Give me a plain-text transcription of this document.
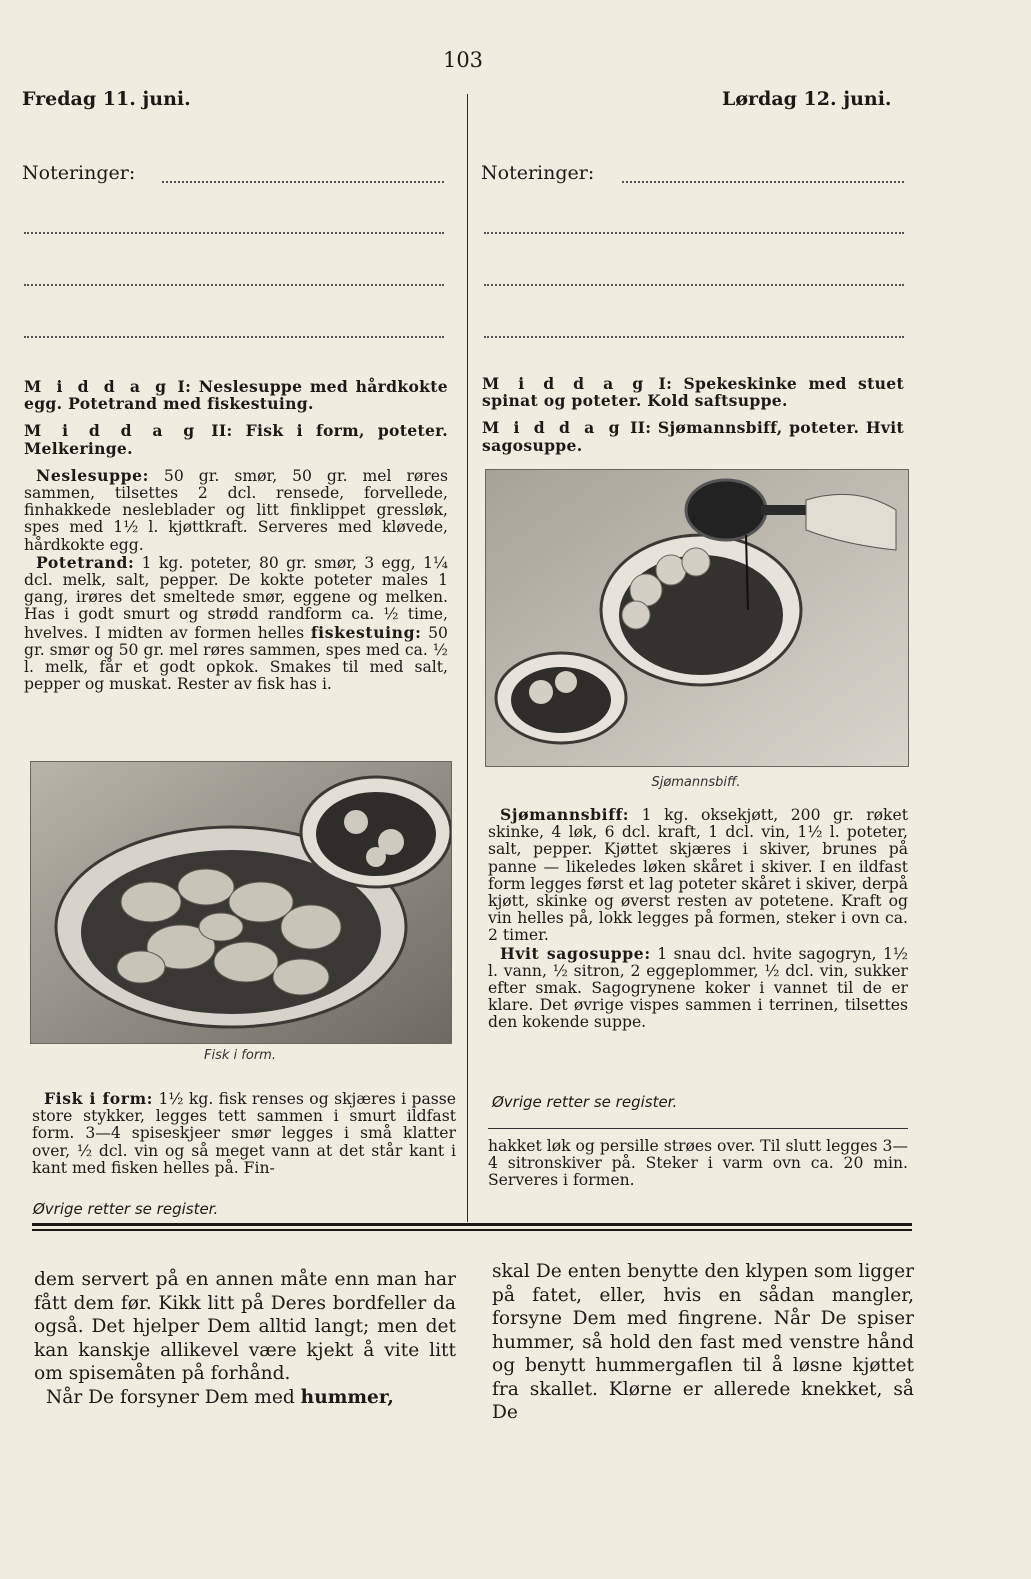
103
Fredag 11. juni.	Lørdag 12. juni.
Noteringer:	Noteringer:

M i d d a g I: Neslesuppe med hårdkokte egg. Potetrand med fiskestuing.

M i d d a g II: Fisk i form, poteter. Melkeringe.

Neslesuppe: 50 gr. smør, 50 gr. mel røres sammen, tilsettes 2 dcl. rensede, forvellede, finhakkede nesleblader og litt finklippet gressløk, spes med 1½ l. kjøttkraft. Serveres med kløvede, hårdkokte egg.

Potetrand: 1 kg. poteter, 80 gr. smør, 3 egg, 1¼ dcl. melk, salt, pepper. De kokte poteter males 1 gang, irøres det smeltede smør, eggene og melken. Has i godt smurt og strødd randform ca. ½ time, hvelves. I midten av formen helles fiskestuing: 50 gr. smør og 50 gr. mel røres sammen, spes med ca. ½ l. melk, får et godt opkok. Smakes til med salt, pepper og muskat. Rester av fisk has i.

Fisk i form.

Fisk i form: 1½ kg. fisk renses og skjæres i passe store stykker, legges tett sammen i smurt ildfast form. 3—4 spiseskjeer smør legges i små klatter over, ½ dcl. vin og så meget vann at det står kant i kant med fisken helles på. Fin-

Øvrige retter se register.

M i d d a g I: Spekeskinke med stuet spinat og poteter. Kold saftsuppe.

M i d d a g II: Sjømannsbiff, poteter. Hvit sagosuppe.

Sjømannsbiff.

Sjømannsbiff: 1 kg. oksekjøtt, 200 gr. røket skinke, 4 løk, 6 dcl. kraft, 1 dcl. vin, 1½ l. poteter, salt, pepper. Kjøttet skjæres i skiver, brunes på panne — likeledes løken skåret i skiver. I en ildfast form legges først et lag poteter skåret i skiver, derpå kjøtt, skinke og øverst resten av potetene. Kraft og vin helles på, lokk legges på formen, steker i ovn ca. 2 timer.

Hvit sagosuppe: 1 snau dcl. hvite sagogryn, 1½ l. vann, ½ sitron, 2 eggeplommer, ½ dcl. vin, sukker efter smak. Sagogrynene koker i vannet til de er klare. Det øvrige vispes sammen i terrinen, tilsettes den kokende suppe.

Øvrige retter se register.

hakket løk og persille strøes over. Til slutt legges 3—4 sitronskiver på. Steker i varm ovn ca. 20 min. Serveres i formen.

dem servert på en annen måte enn man har fått dem før. Kikk litt på Deres bordfeller da også. Det hjelper Dem alltid langt; men det kan kanskje allikevel være kjekt å vite litt om spisemåten på forhånd.

Når De forsyner Dem med hummer,

skal De enten benytte den klypen som ligger på fatet, eller, hvis en sådan mangler, forsyne Dem med fingrene. Når De spiser hummer, så hold den fast med venstre hånd og benytt hummergaflen til å løsne kjøttet fra skallet. Klørne er allerede knekket, så De
